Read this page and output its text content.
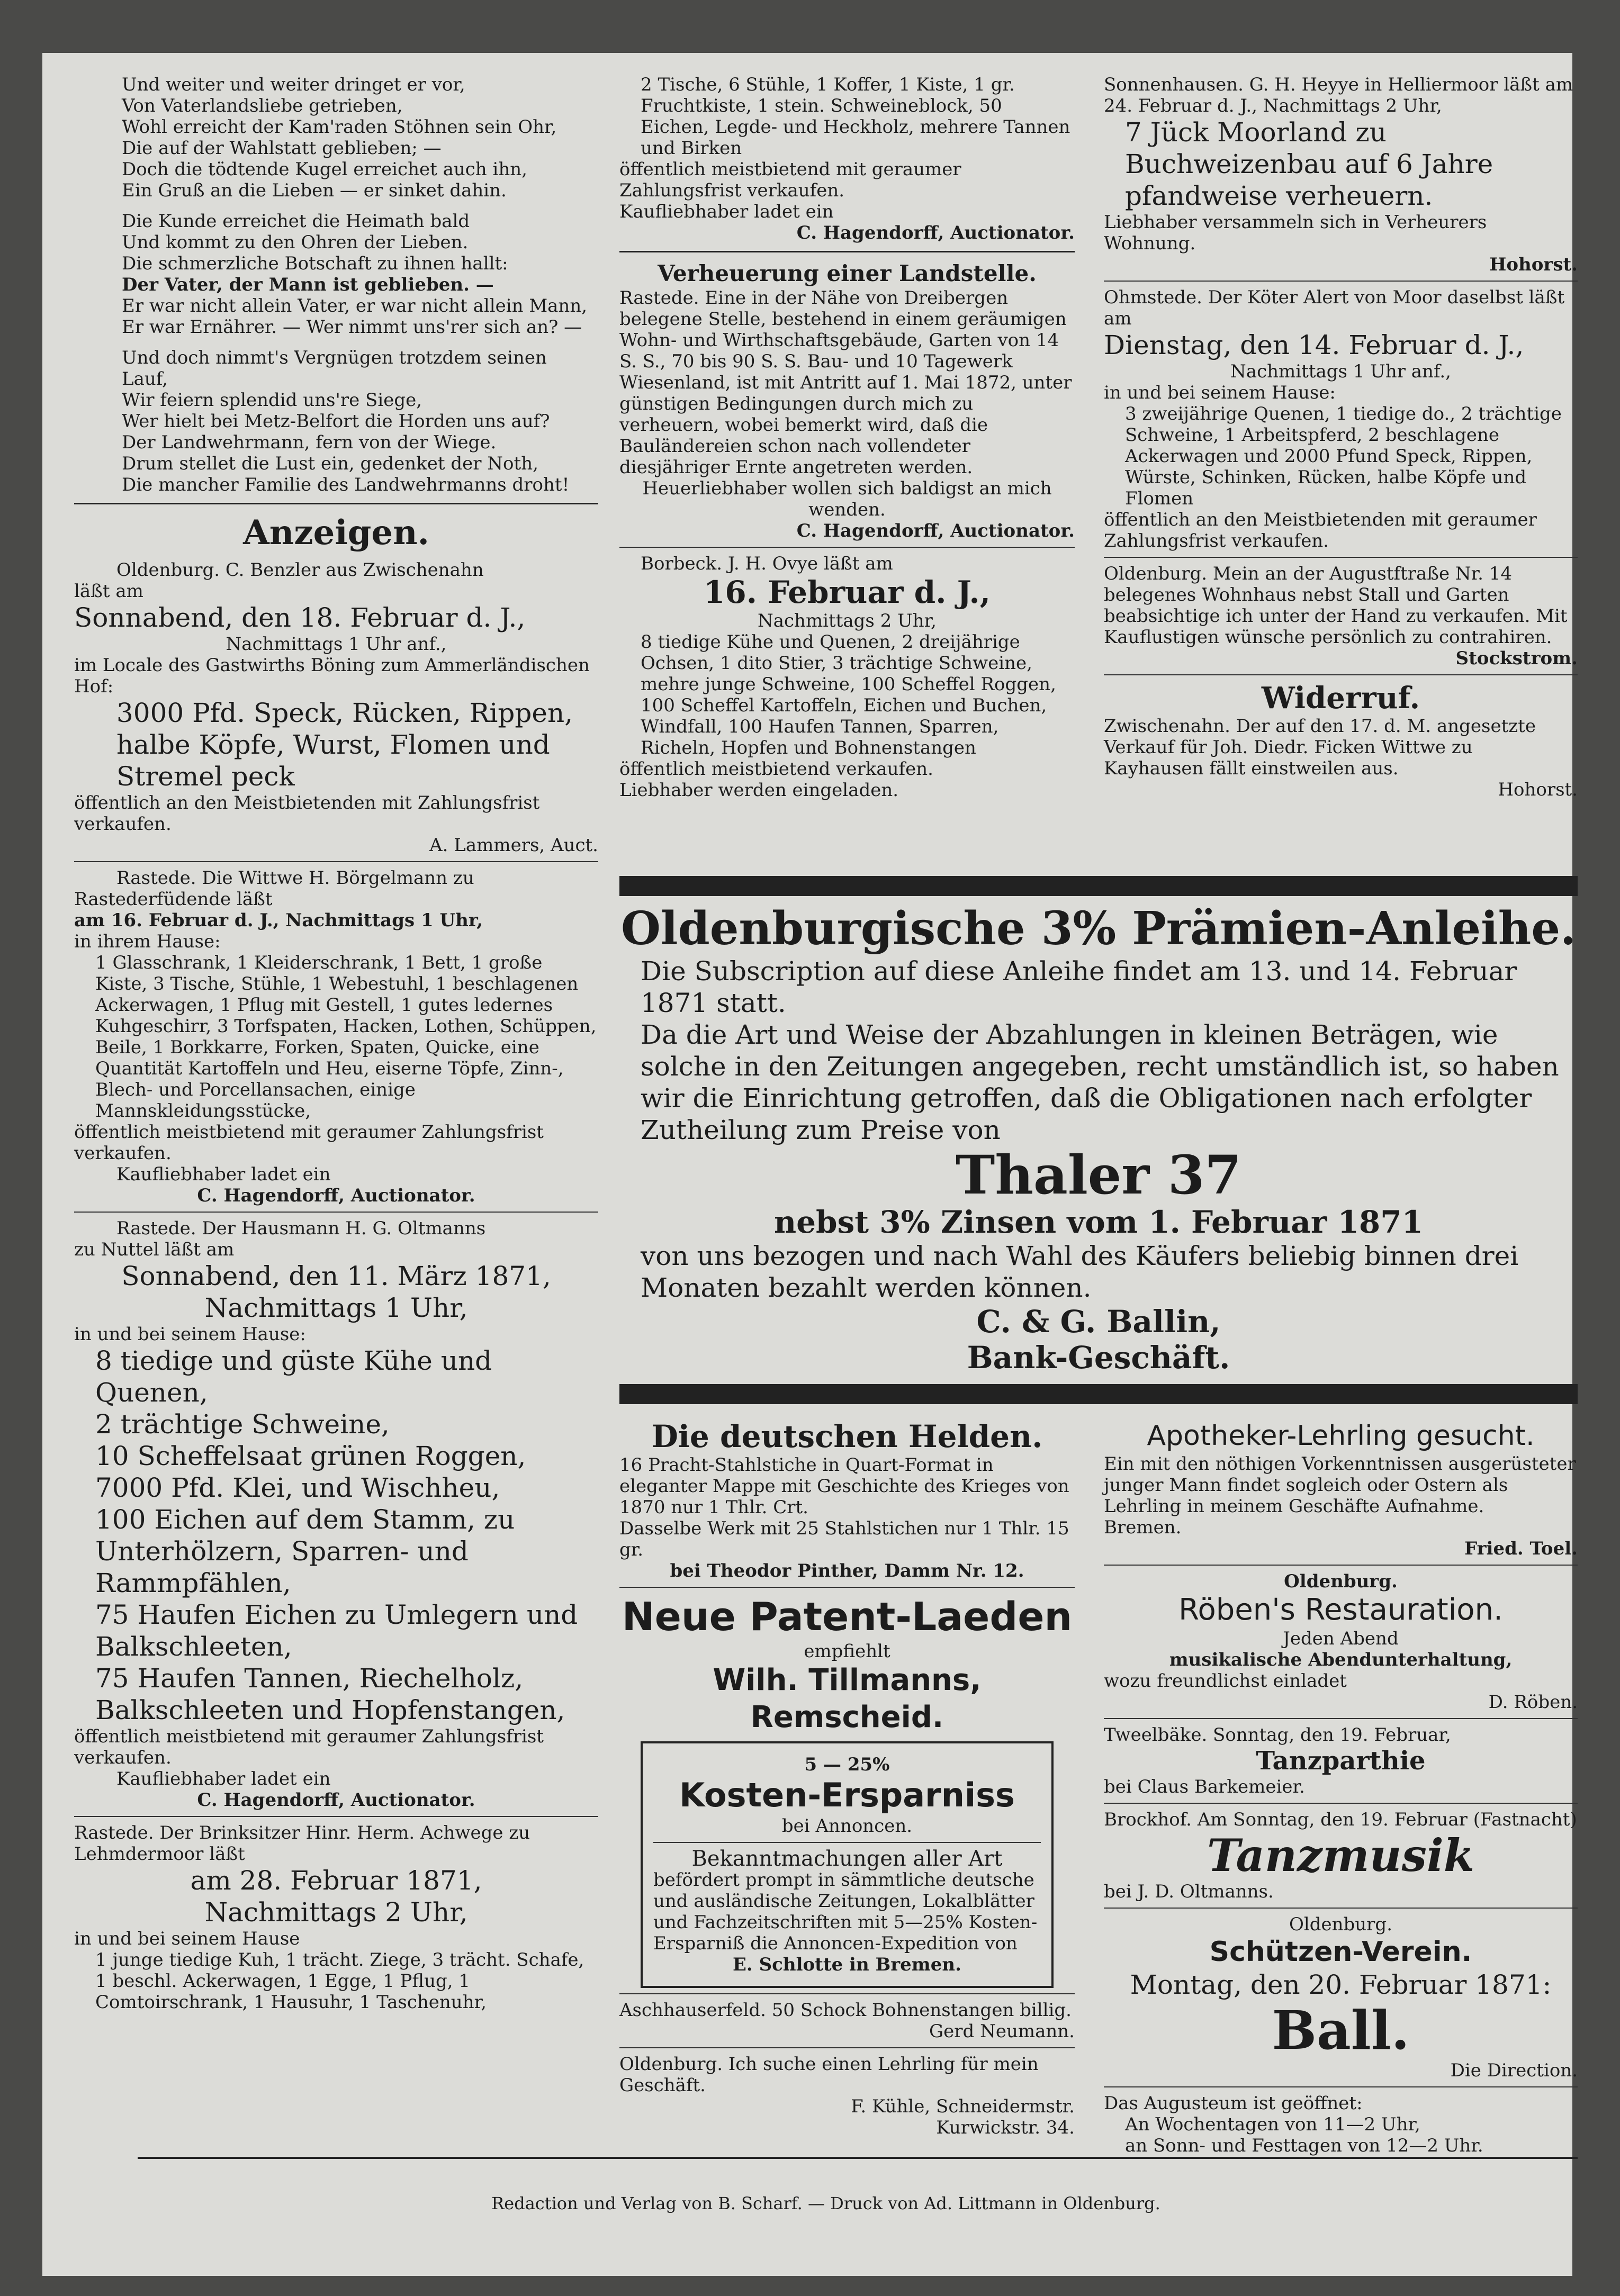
Und weiter und weiter dringet er vor,

Von Vaterlandsliebe getrieben,

Wohl erreicht der Kam'raden Stöhnen sein Ohr,

Die auf der Wahlstatt geblieben; —

Doch die tödtende Kugel erreichet auch ihn,

Ein Gruß an die Lieben — er sinket dahin.

Die Kunde erreichet die Heimath bald

Und kommt zu den Ohren der Lieben.

Die schmerzliche Botschaft zu ihnen hallt:

Der Vater, der Mann ist geblieben. —

Er war nicht allein Vater, er war nicht allein Mann,

Er war Ernährer. — Wer nimmt uns'rer sich an? —

Und doch nimmt's Vergnügen trotzdem seinen Lauf,

Wir feiern splendid uns're Siege,

Wer hielt bei Metz-Belfort die Horden uns auf?

Der Landwehrmann, fern von der Wiege.

Drum stellet die Lust ein, gedenket der Noth,

Die mancher Familie des Landwehrmanns droht!

Anzeigen.

Oldenburg. C. Benzler aus Zwischenahn

läßt am

Sonnabend, den 18. Februar d. J.,

Nachmittags 1 Uhr anf.,

im Locale des Gastwirths Böning zum Ammerländischen Hof:

3000 Pfd. Speck, Rücken, Rippen, halbe Köpfe, Wurst, Flomen und Stremel peck

öffentlich an den Meistbietenden mit Zahlungsfrist verkaufen.

A. Lammers, Auct.

Rastede. Die Wittwe H. Börgelmann zu

Rastederfüdende läßt

am 16. Februar d. J., Nachmittags 1 Uhr,

in ihrem Hause:

1 Glasschrank, 1 Kleiderschrank, 1 Bett, 1 große Kiste, 3 Tische, Stühle, 1 Webestuhl, 1 beschlagenen Ackerwagen, 1 Pflug mit Gestell, 1 gutes ledernes Kuhgeschirr, 3 Torfspaten, Hacken, Lothen, Schüppen, Beile, 1 Borkkarre, Forken, Spaten, Quicke, eine Quantität Kartoffeln und Heu, eiserne Töpfe, Zinn-, Blech- und Porcellansachen, einige Mannskleidungsstücke,

öffentlich meistbietend mit geraumer Zahlungsfrist verkaufen.

Kaufliebhaber ladet ein

C. Hagendorff, Auctionator.

Rastede. Der Hausmann H. G. Oltmanns

zu Nuttel läßt am

Sonnabend, den 11. März 1871,

Nachmittags 1 Uhr,

in und bei seinem Hause:

8 tiedige und güste Kühe und Quenen,

2 trächtige Schweine,

10 Scheffelsaat grünen Roggen,

7000 Pfd. Klei, und Wischheu,

100 Eichen auf dem Stamm, zu Unterhölzern, Sparren- und Rammpfählen,

75 Haufen Eichen zu Umlegern und Balkschleeten,

75 Haufen Tannen, Riechelholz, Balkschleeten und Hopfenstangen,

öffentlich meistbietend mit geraumer Zahlungsfrist verkaufen.

Kaufliebhaber ladet ein

C. Hagendorff, Auctionator.

Rastede. Der Brinksitzer Hinr. Herm. Achwege zu Lehmdermoor läßt

am 28. Februar 1871,

Nachmittags 2 Uhr,

in und bei seinem Hause

1 junge tiedige Kuh, 1 trächt. Ziege, 3 trächt. Schafe, 1 beschl. Ackerwagen, 1 Egge, 1 Pflug, 1 Comtoirschrank, 1 Hausuhr, 1 Taschenuhr,

2 Tische, 6 Stühle, 1 Koffer, 1 Kiste, 1 gr. Fruchtkiste, 1 stein. Schweineblock, 50 Eichen, Legde- und Heckholz, mehrere Tannen und Birken

öffentlich meistbietend mit geraumer Zahlungsfrist verkaufen.

Kaufliebhaber ladet ein

C. Hagendorff, Auctionator.

Verheuerung einer Landstelle.

Rastede. Eine in der Nähe von Dreibergen belegene Stelle, bestehend in einem geräumigen Wohn- und Wirthschaftsgebäude, Garten von 14 S. S., 70 bis 90 S. S. Bau- und 10 Tagewerk Wiesenland, ist mit Antritt auf 1. Mai 1872, unter günstigen Bedingungen durch mich zu verheuern, wobei bemerkt wird, daß die Bauländereien schon nach vollendeter diesjähriger Ernte angetreten werden.

Heuerliebhaber wollen sich baldigst an mich wenden.

C. Hagendorff, Auctionator.

Borbeck. J. H. Ovye läßt am

16. Februar d. J.,

Nachmittags 2 Uhr,

8 tiedige Kühe und Quenen, 2 dreijährige Ochsen, 1 dito Stier, 3 trächtige Schweine, mehre junge Schweine, 100 Scheffel Roggen, 100 Scheffel Kartoffeln, Eichen und Buchen, Windfall, 100 Haufen Tannen, Sparren, Richeln, Hopfen und Bohnenstangen

öffentlich meistbietend verkaufen.

Liebhaber werden eingeladen.

Sonnenhausen. G. H. Heyye in Helliermoor läßt am 24. Februar d. J., Nachmittags 2 Uhr,

7 Jück Moorland zu Buchweizenbau auf 6 Jahre pfandweise verheuern.

Liebhaber versammeln sich in Verheurers Wohnung.

Hohorst.

Ohmstede. Der Köter Alert von Moor daselbst läßt am

Dienstag, den 14. Februar d. J.,

Nachmittags 1 Uhr anf.,

in und bei seinem Hause:

3 zweijährige Quenen, 1 tiedige do., 2 trächtige Schweine, 1 Arbeitspferd, 2 beschlagene Ackerwagen und 2000 Pfund Speck, Rippen, Würste, Schinken, Rücken, halbe Köpfe und Flomen

öffentlich an den Meistbietenden mit geraumer Zahlungsfrist verkaufen.

Oldenburg. Mein an der Augustftraße Nr. 14 belegenes Wohnhaus nebst Stall und Garten beabsichtige ich unter der Hand zu verkaufen. Mit Kauflustigen wünsche persönlich zu contrahiren.

Stockstrom.

Widerruf.

Zwischenahn. Der auf den 17. d. M. angesetzte Verkauf für Joh. Diedr. Ficken Wittwe zu Kayhausen fällt einstweilen aus.

Hohorst.

Oldenburgische 3% Prämien-Anleihe.

Die Subscription auf diese Anleihe findet am 13. und 14. Februar 1871 statt.

Da die Art und Weise der Abzahlungen in kleinen Beträgen, wie solche in den Zeitungen angegeben, recht umständlich ist, so haben wir die Einrichtung getroffen, daß die Obligationen nach erfolgter Zutheilung zum Preise von

Thaler 37

nebst 3% Zinsen vom 1. Februar 1871

von uns bezogen und nach Wahl des Käufers beliebig binnen drei Monaten bezahlt werden können.

C. & G. Ballin,

Bank-Geschäft.

Die deutschen Helden.

16 Pracht-Stahlstiche in Quart-Format in eleganter Mappe mit Geschichte des Krieges von 1870 nur 1 Thlr. Crt.

Dasselbe Werk mit 25 Stahlstichen nur 1 Thlr. 15 gr.

bei Theodor Pinther, Damm Nr. 12.

Neue Patent-Laeden

empfiehlt

Wilh. Tillmanns, Remscheid.

5 — 25%

Kosten-Ersparniss

bei Annoncen.

Bekanntmachungen aller Art

befördert prompt in sämmtliche deutsche und ausländische Zeitungen, Lokalblätter und Fachzeitschriften mit 5—25% Kosten-Ersparniß die Annoncen-Expedition von

E. Schlotte in Bremen.

Aschhauserfeld. 50 Schock Bohnenstangen billig.

Gerd Neumann.

Oldenburg. Ich suche einen Lehrling für mein Geschäft.

F. Kühle, Schneidermstr.

Kurwickstr. 34.

Apotheker-Lehrling gesucht.

Ein mit den nöthigen Vorkenntnissen ausgerüsteter junger Mann findet sogleich oder Ostern als Lehrling in meinem Geschäfte Aufnahme.

Bremen.

Fried. Toel.

Oldenburg.

Röben's Restauration.

Jeden Abend

musikalische Abendunterhaltung,

wozu freundlichst einladet

D. Röben.

Tweelbäke. Sonntag, den 19. Februar,

Tanzparthie

bei Claus Barkemeier.

Brockhof. Am Sonntag, den 19. Februar (Fastnacht)

Tanzmusik

bei J. D. Oltmanns.

Oldenburg.

Schützen-Verein.

Montag, den 20. Februar 1871:

Ball.

Die Direction.

Das Augusteum ist geöffnet:

An Wochentagen von 11—2 Uhr,

an Sonn- und Festtagen von 12—2 Uhr.

Redaction und Verlag von B. Scharf. — Druck von Ad. Littmann in Oldenburg.
